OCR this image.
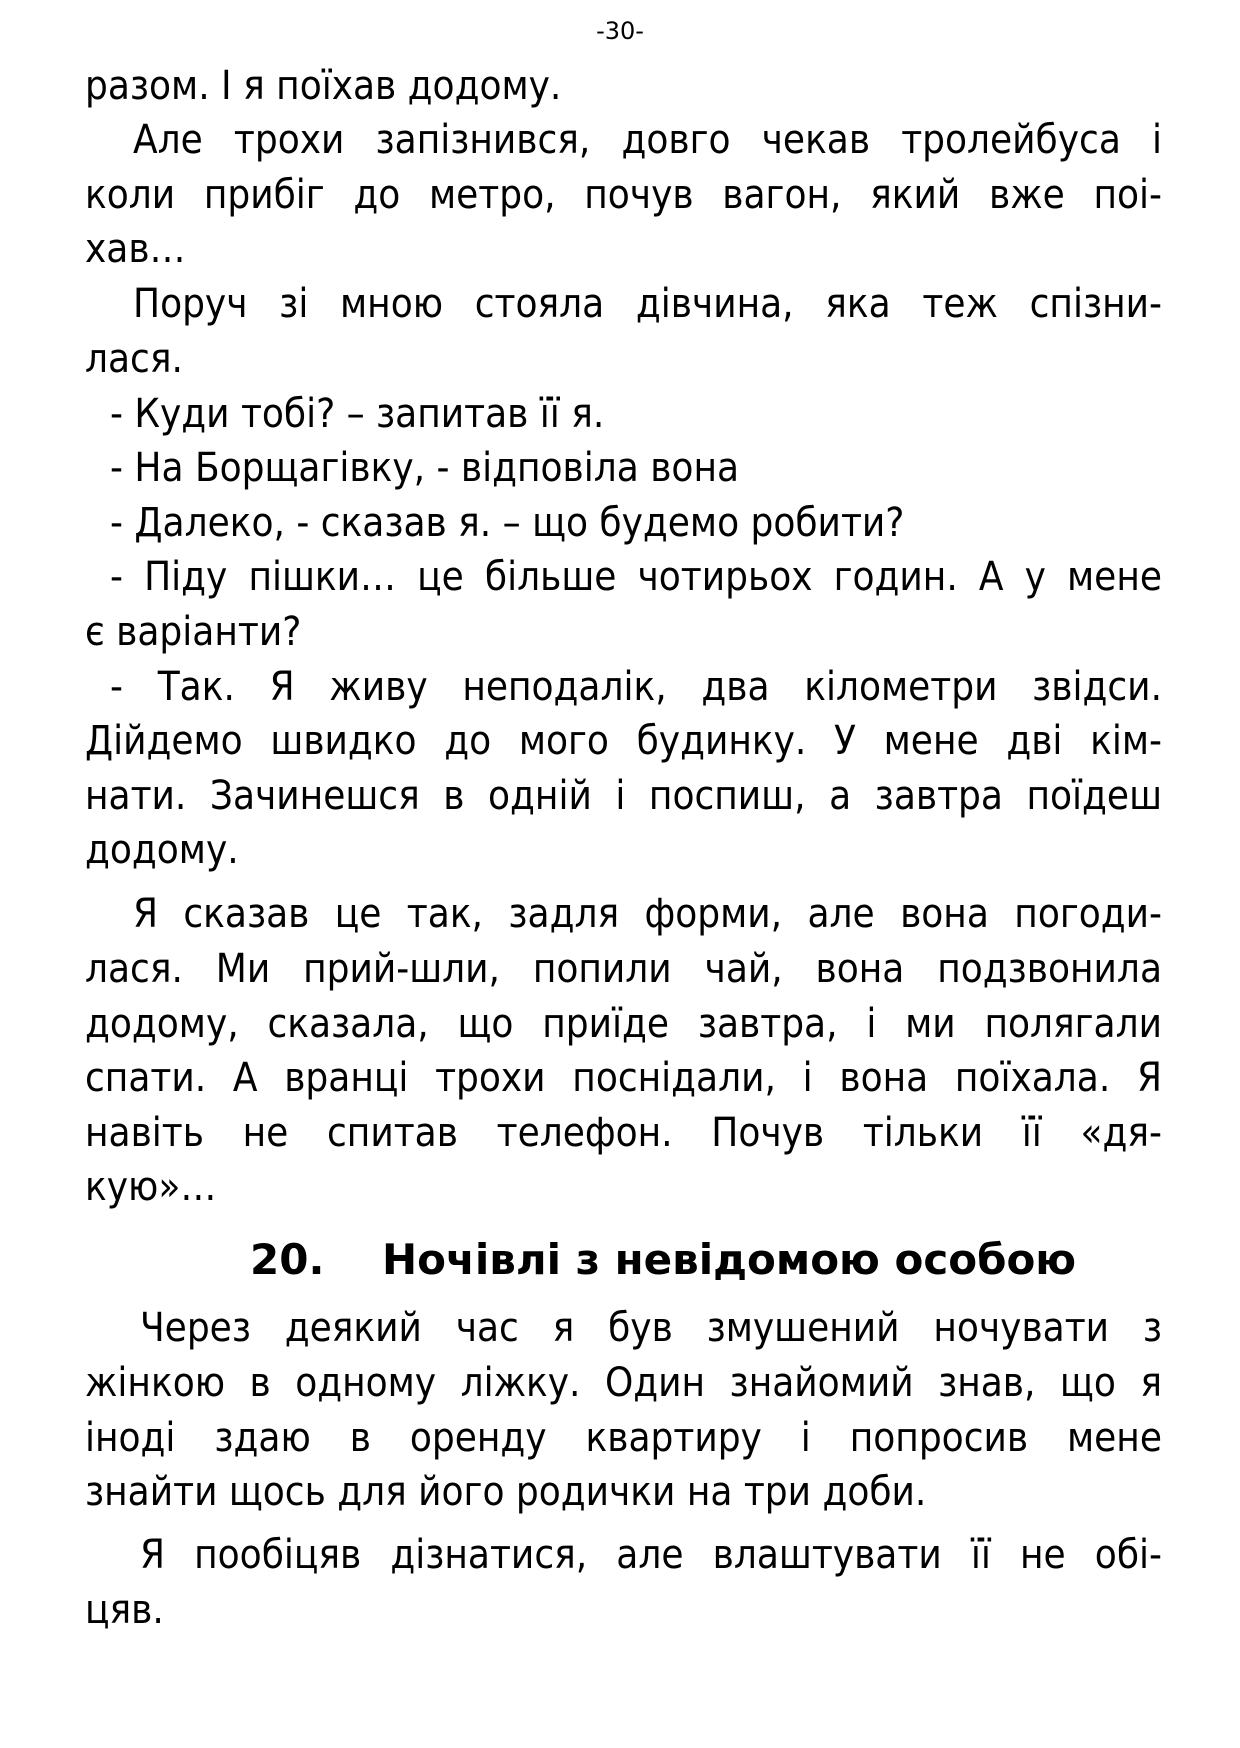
-30-
разом. І я поїхав додому.
Але трохи запізнився, довго чекав тролейбуса і
коли прибіг до метро, почув вагон, який вже поі-
хав…
Поруч зі мною стояла дівчина, яка теж спізни-
лася.
- Куди тобі? – запитав її я.
- На Борщагівку, - відповіла вона
- Далеко, - сказав я. – що будемо робити?
- Піду пішки… це більше чотирьох годин. А у мене
є варіанти?
- Так. Я живу неподалік, два кілометри звідси.
Дійдемо швидко до мого будинку. У мене дві кім-
нати. Зачинешся в одній і поспиш, а завтра поїдеш
додому.
Я сказав це так, задля форми, але вона погоди-
лася. Ми прий-шли, попили чай, вона подзвонила
додому, сказала, що приїде завтра, і ми полягали
спати. А вранці трохи поснідали, і вона поїхала. Я
навіть не спитав телефон. Почув тільки її «дя-
кую»…
20. Ночівлі з невідомою особою
Через деякий час я був змушений ночувати з
жінкою в одному ліжку. Один знайомий знав, що я
іноді здаю в оренду квартиру і попросив мене
знайти щось для його родички на три доби.
Я пообіцяв дізнатися, але влаштувати її не обі-
цяв.
